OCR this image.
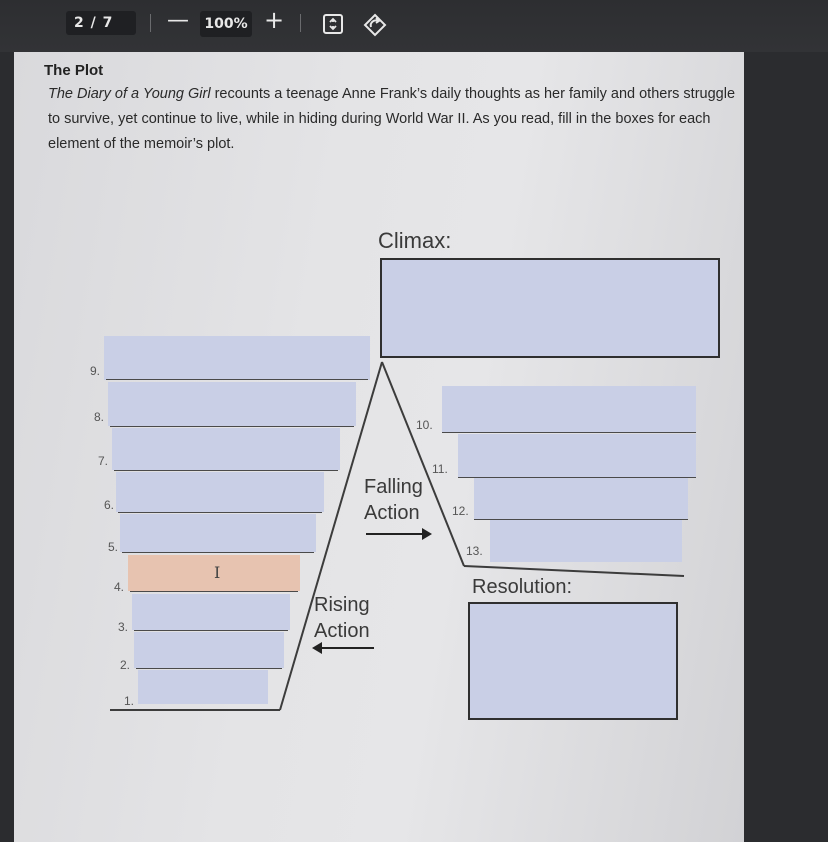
2 / 7	—	100% +
The Plot
The Diary of a Young Girl recounts a teenage Anne Frank’s daily thoughts as her family and others struggle to survive, yet continue to live, while in hiding during World War II. As you read, fill in the boxes for each element of the memoir’s plot.
Climax:
9.
8.
7.
6.
5.
I
4.
3.
2.
1.
10.
11.
12.
13.
Falling
Action
Rising
Action
Resolution:
